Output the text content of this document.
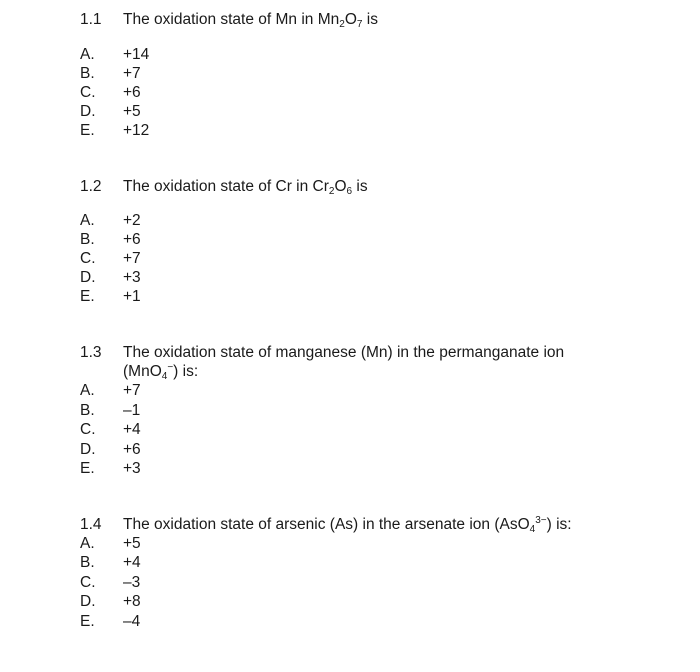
1.1 The oxidation state of Mn in $Mn_2O_7$ is
A. +14
B. +7
C. +6
D. +5
E. +12
1.2 The oxidation state of Cr in $Cr_2O_6$ is
A. +2
B. +6
C. +7
D. +3
E. +1
1.3 The oxidation state of manganese (Mn) in the permanganate ion
(MnO$_4$−) is:
A. +7
B. –1
C. +4
D. +6
E. +3
1.4 The oxidation state of arsenic (As) in the arsenate ion (AsO$_4^{3-}$) is:
A. +5
B. +4
C. –3
D. +8
E. –4
